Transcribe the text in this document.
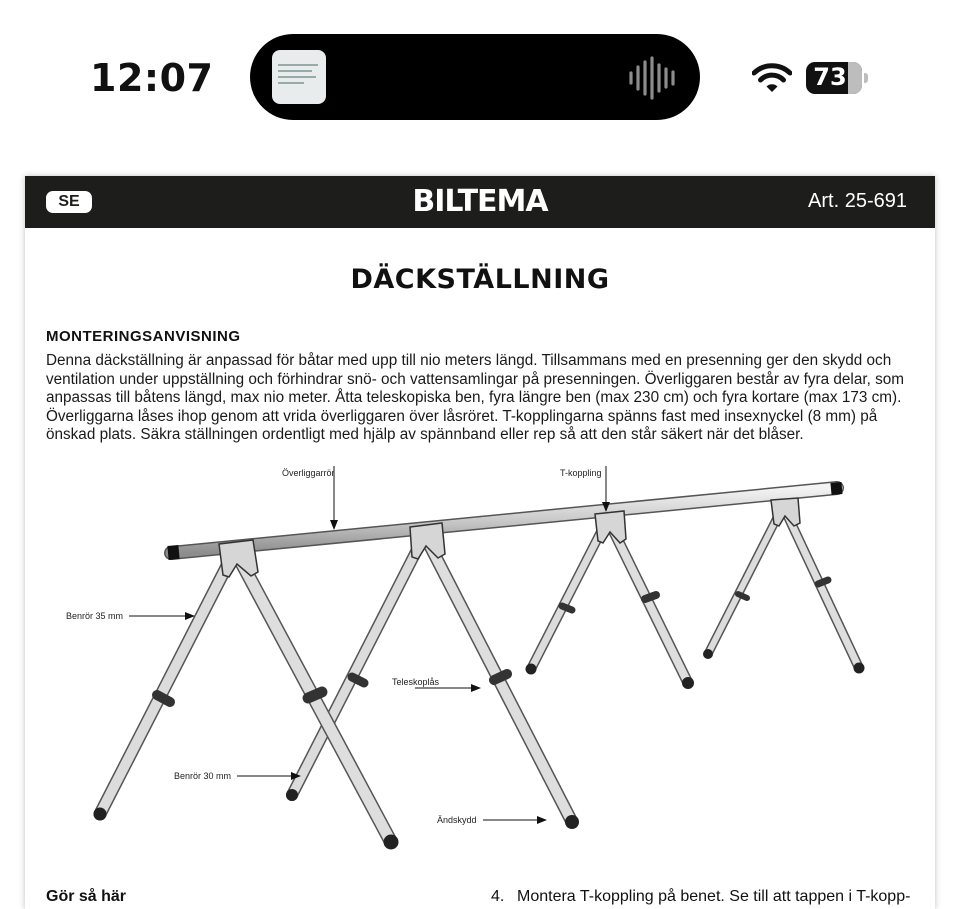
12:07	73
SE	BILTEMA	Art. 25-691
DÄCKSTÄLLNING
MONTERINGSANVISNING

Denna däckställning är anpassad för båtar med upp till nio meters längd. Tillsammans med en presenning ger den skydd och ventilation under uppställning och förhindrar snö- och vattensamlingar på presenningen. Överliggaren består av fyra delar, som anpassas till båtens längd, max nio meter. Åtta teleskopiska ben, fyra längre ben (max 230 cm) och fyra kortare (max 173 cm). Överliggarna låses ihop genom att vrida överliggaren över låsröret. T-kopplingarna spänns fast med insexnyckel (8 mm) på önskad plats. Säkra ställningen ordentligt med hjälp av spännband eller rep så att den står säkert när det blåser.

Överliggarrör	T-koppling
Benrör 35 mm
Teleskoplås
Benrör 30 mm
Ändskydd
Gör så här	4. Montera T-koppling på benet. Se till att tappen i T-kopp-
